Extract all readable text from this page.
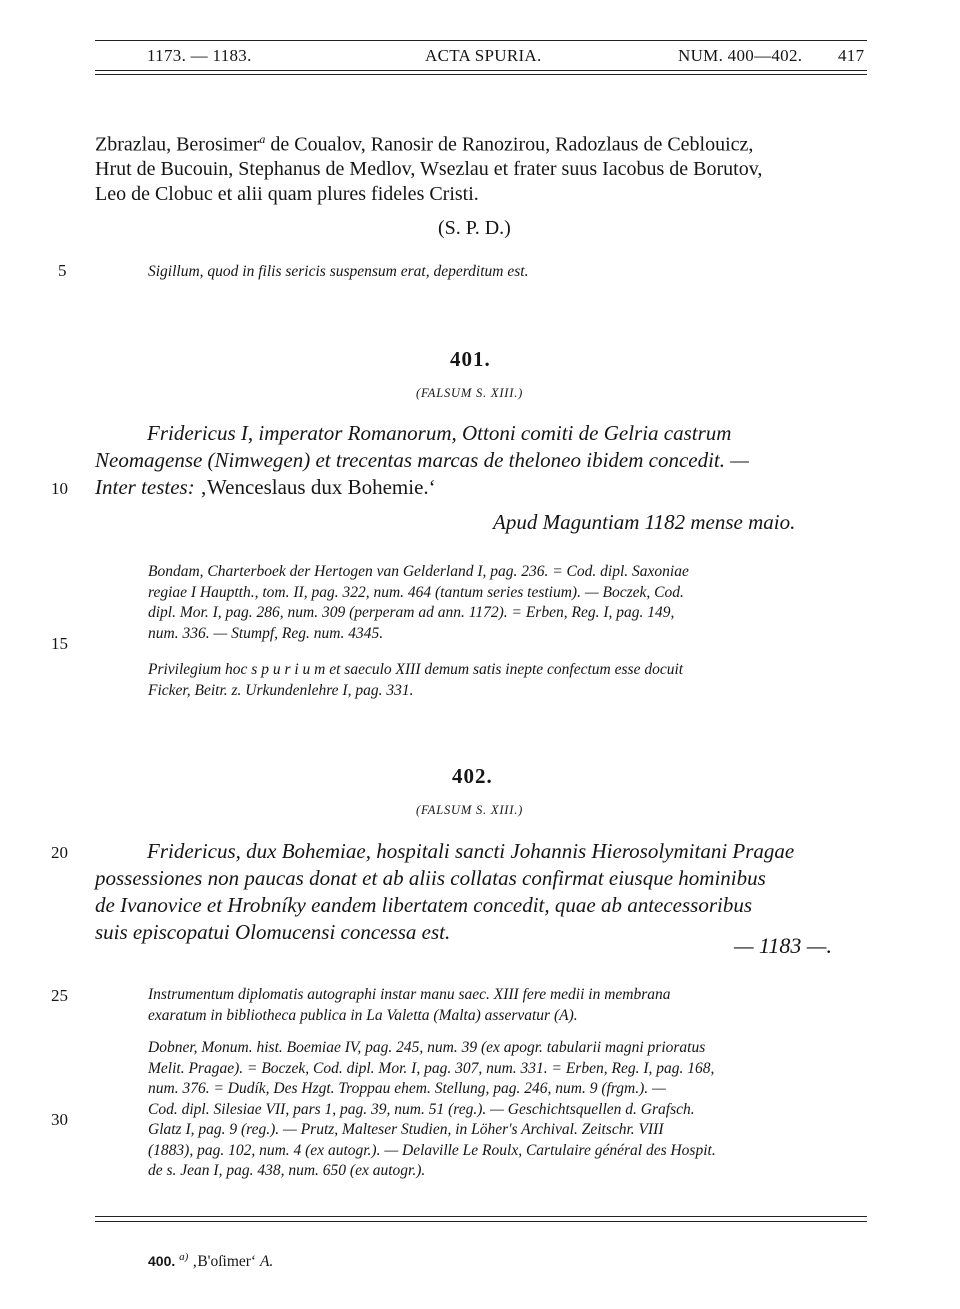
1173. — 1183.	ACTA SPURIA.	NUM. 400—402. 417
Zbrazlau, Berosimer$^a$ de Coualov, Ranosir de Ranozirou, Radozlaus de Ceblouicz,
Hrut de Bucouin, Stephanus de Medlov, Wsezlau et frater suus Iacobus de Borutov,
Leo de Clobuc et alii quam plures fideles Cristi.
(S. P. D.)
Sigillum, quod in filis sericis suspensum erat, deperditum est.
5
10
15
20
25
30
401.
(FALSUM S. XIII.)
Fridericus I, imperator Romanorum, Ottoni comiti de Gelria castrum
Neomagense (Nimwegen) et trecentas marcas de theloneo ibidem concedit. —
Inter testes: ‚Wenceslaus dux Bohemie.‘
Apud Maguntiam 1182 mense maio.
Bondam, Charterboek der Hertogen van Gelderland I, pag. 236. = Cod. dipl. Saxoniae
regiae I Hauptth., tom. II, pag. 322, num. 464 (tantum series testium). — Boczek, Cod.
dipl. Mor. I, pag. 286, num. 309 (perperam ad ann. 1172). = Erben, Reg. I, pag. 149,
num. 336. — Stumpf, Reg. num. 4345.
Privilegium hoc s p u r i u m et saeculo XIII demum satis inepte confectum esse docuit
Ficker, Beitr. z. Urkundenlehre I, pag. 331.
402.
(FALSUM S. XIII.)
Fridericus, dux Bohemiae, hospitali sancti Johannis Hierosolymitani Pragae
possessiones non paucas donat et ab aliis collatas confirmat eiusque hominibus
de Ivanovice et Hrobníky eandem libertatem concedit, quae ab antecessoribus
suis episcopatui Olomucensi concessa est.
— 1183 —.
Instrumentum diplomatis autographi instar manu saec. XIII fere medii in membrana
exaratum in bibliotheca publica in La Valetta (Malta) asservatur (A).
Dobner, Monum. hist. Boemiae IV, pag. 245, num. 39 (ex apogr. tabularii magni prioratus
Melit. Pragae). = Boczek, Cod. dipl. Mor. I, pag. 307, num. 331. = Erben, Reg. I, pag. 168,
num. 376. = Dudík, Des Hzgt. Troppau ehem. Stellung, pag. 246, num. 9 (frgm.). —
Cod. dipl. Silesiae VII, pars 1, pag. 39, num. 51 (reg.). — Geschichtsquellen d. Grafsch.
Glatz I, pag. 9 (reg.). — Prutz, Malteser Studien, in Löher's Archival. Zeitschr. VIII
(1883), pag. 102, num. 4 (ex autogr.). — Delaville Le Roulx, Cartulaire général des Hospit.
de s. Jean I, pag. 438, num. 650 (ex autogr.).
400. $^{a)}$ ‚B'oſimer‘ A.
